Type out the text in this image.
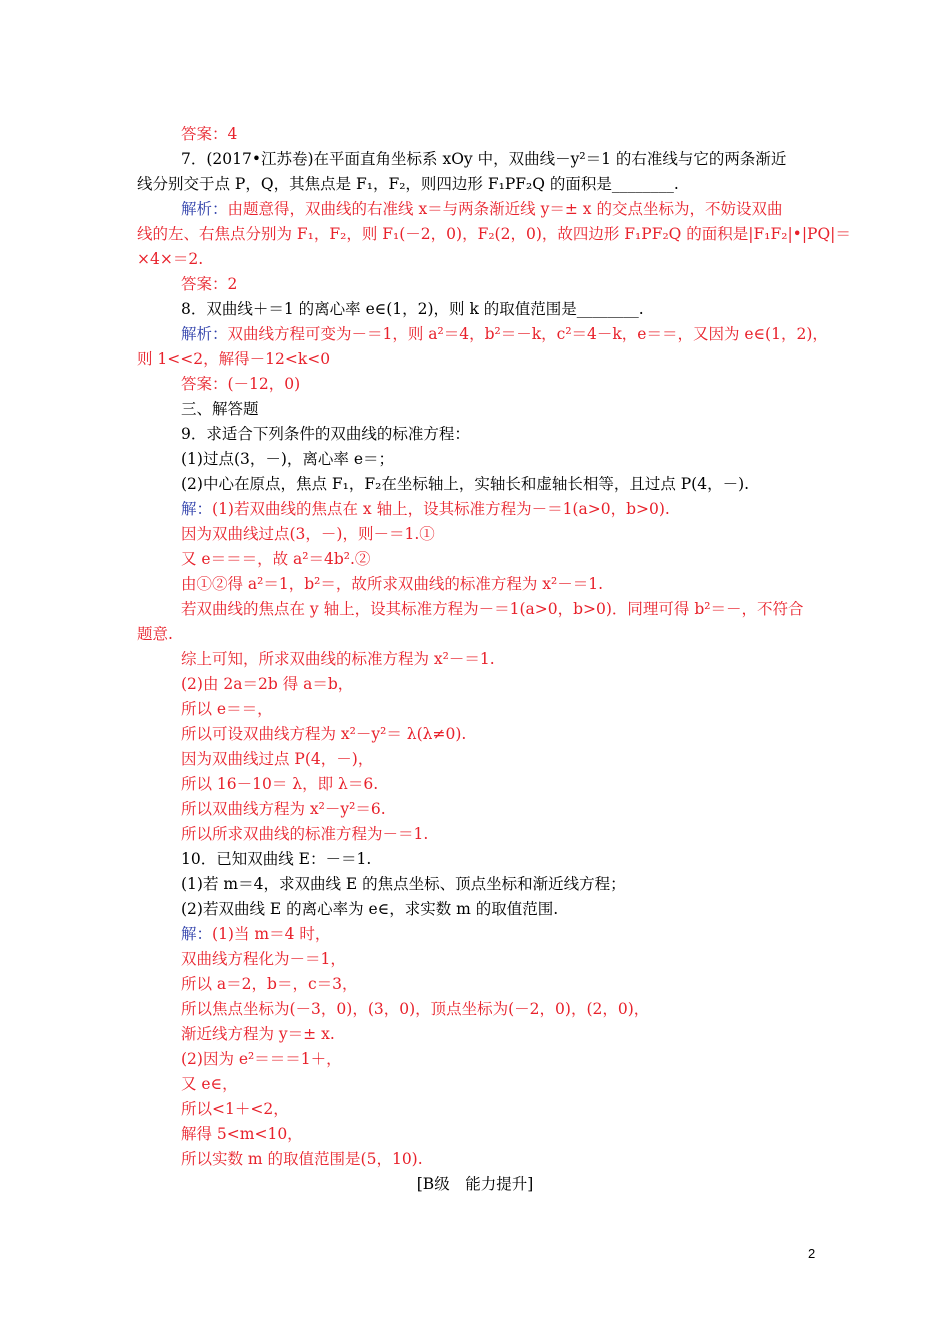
答案：4
7．(2017•江苏卷)在平面直角坐标系 xOy 中，双曲线－y²＝1 的右准线与它的两条渐近
线分别交于点 P，Q，其焦点是 F₁，F₂，则四边形 F₁PF₂Q 的面积是________.
解析：由题意得，双曲线的右准线 x＝与两条渐近线 y＝± x 的交点坐标为，不妨设双曲
线的左、右焦点分别为 F₁，F₂，则 F₁(－2，0)，F₂(2，0)，故四边形 F₁PF₂Q 的面积是|F₁F₂|•|PQ|＝
×4×＝2.
答案：2
8．双曲线＋＝1 的离心率 e∈(1，2)，则 k 的取值范围是________.
解析：双曲线方程可变为－＝1，则 a²＝4，b²＝－k，c²＝4－k，e＝＝，又因为 e∈(1，2)，
则 1<<2，解得－12<k<0
答案：(－12，0)
三、解答题
9．求适合下列条件的双曲线的标准方程：
(1)过点(3，－)，离心率 e＝；
(2)中心在原点，焦点 F₁，F₂在坐标轴上，实轴长和虚轴长相等，且过点 P(4，－).
解：(1)若双曲线的焦点在 x 轴上，设其标准方程为－＝1(a>0，b>0).
因为双曲线过点(3，－)，则－＝1.①
又 e＝＝＝，故 a²＝4b².②
由①②得 a²＝1，b²＝，故所求双曲线的标准方程为 x²－＝1.
若双曲线的焦点在 y 轴上，设其标准方程为－＝1(a>0，b>0)．同理可得 b²＝－，不符合
题意.
综上可知，所求双曲线的标准方程为 x²－＝1.
(2)由 2a＝2b 得 a＝b，
所以 e＝＝，
所以可设双曲线方程为 x²－y²＝ λ(λ≠0).
因为双曲线过点 P(4，－)，
所以 16－10＝ λ，即 λ＝6.
所以双曲线方程为 x²－y²＝6.
所以所求双曲线的标准方程为－＝1.
10．已知双曲线 E：－＝1.
(1)若 m＝4，求双曲线 E 的焦点坐标、顶点坐标和渐近线方程；
(2)若双曲线 E 的离心率为 e∈，求实数 m 的取值范围.
解：(1)当 m＝4 时，
双曲线方程化为－＝1，
所以 a＝2，b＝，c＝3，
所以焦点坐标为(－3，0)，(3，0)，顶点坐标为(－2，0)，(2，0)，
渐近线方程为 y＝± x.
(2)因为 e²＝＝＝1＋，
又 e∈，
所以<1＋<2，
解得 5<m<10，
所以实数 m 的取值范围是(5，10).
[B级　能力提升]
2
